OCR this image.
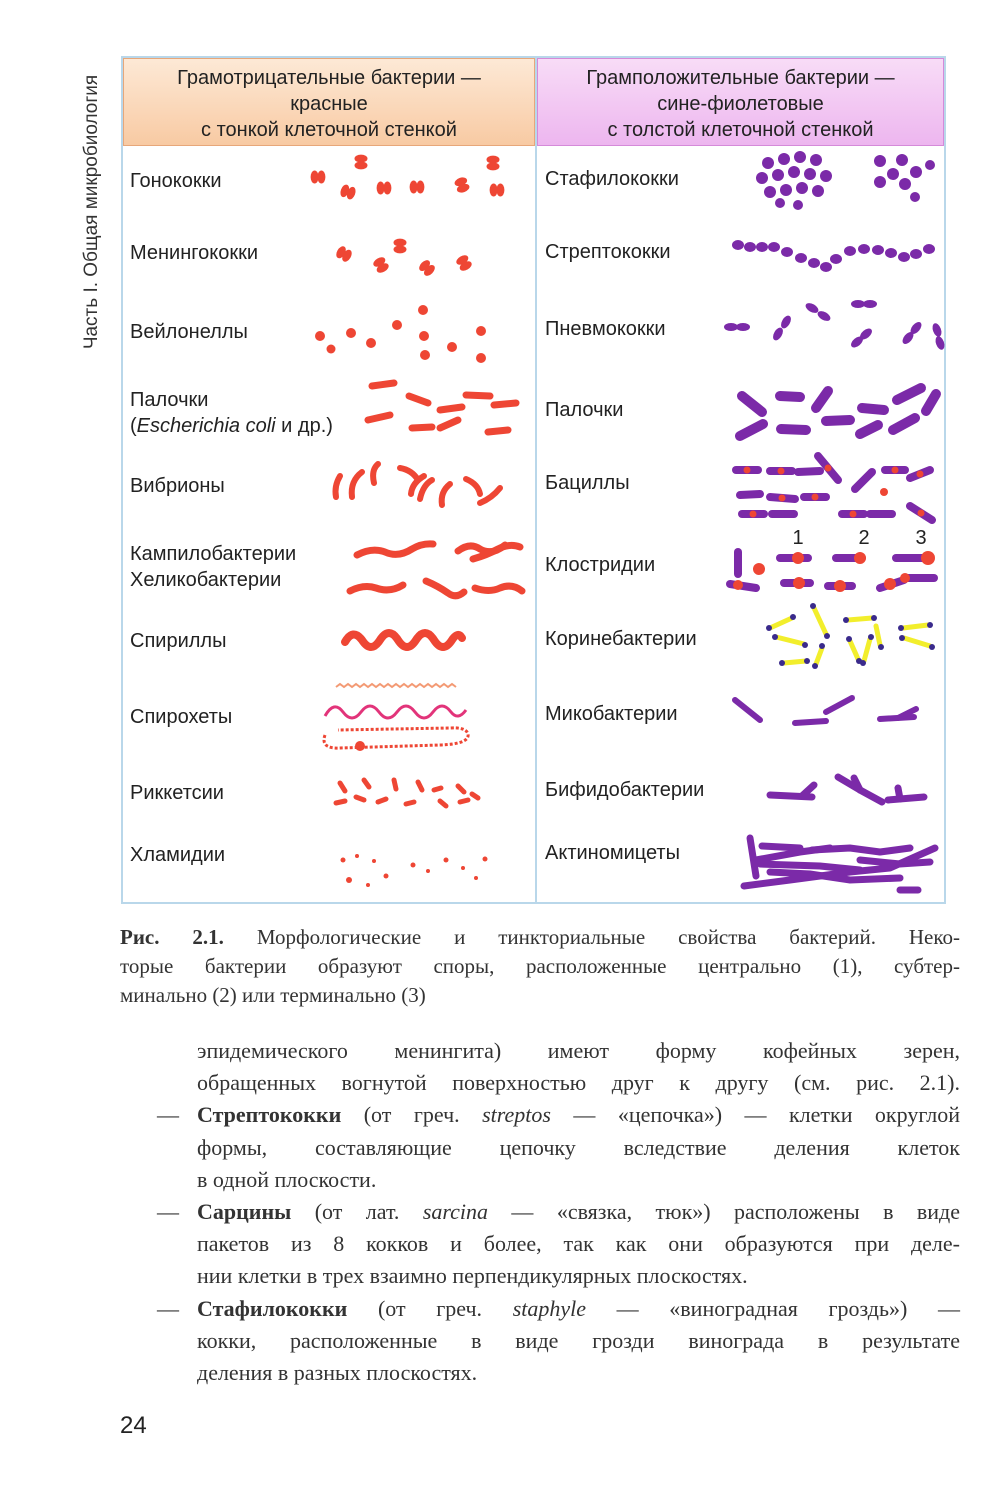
Часть I. Общая микробиология	Грамотрицательные бактерии —
красные
с тонкой клеточной стенкой
Грамположительные бактерии —
сине-фиолетовые
с толстой клеточной стенкой
Гонококки
Менингококки
Вейлонеллы
Палочки
(Escherichia coli и др.)
Вибрионы
Кампилобактерии
Хеликобактерии
Спириллы
Спирохеты
Риккетсии
Хламидии
Стафилококки
Стрептококки
Пневмококки
Палочки
Бациллы
Клостридии
Коринебактерии
Микобактерии
Бифидобактерии
Актиномицеты
1	2 3
Рис. 2.1. Морфологические и тинкториальные свойства бактерий. Неко-
торые бактерии образуют споры, расположенные центрально (1), субтер-
минально (2) или терминально (3)
эпидемического менингита) имеют форму кофейных зерен,
обращенных вогнутой поверхностью друг к другу (см. рис. 2.1).
— Стрептококки (от греч. streptos — «цепочка») — клетки округлой
формы, составляющие цепочку вследствие деления клеток
в одной плоскости.
— Сарцины (от лат. sarcina — «связка, тюк») расположены в виде
пакетов из 8 кокков и более, так как они образуются при деле-
нии клетки в трех взаимно перпендикулярных плоскостях.
— Стафилококки (от греч. staphyle — «виноградная гроздь») —
кокки, расположенные в виде грозди винограда в результате
деления в разных плоскостях.
24
